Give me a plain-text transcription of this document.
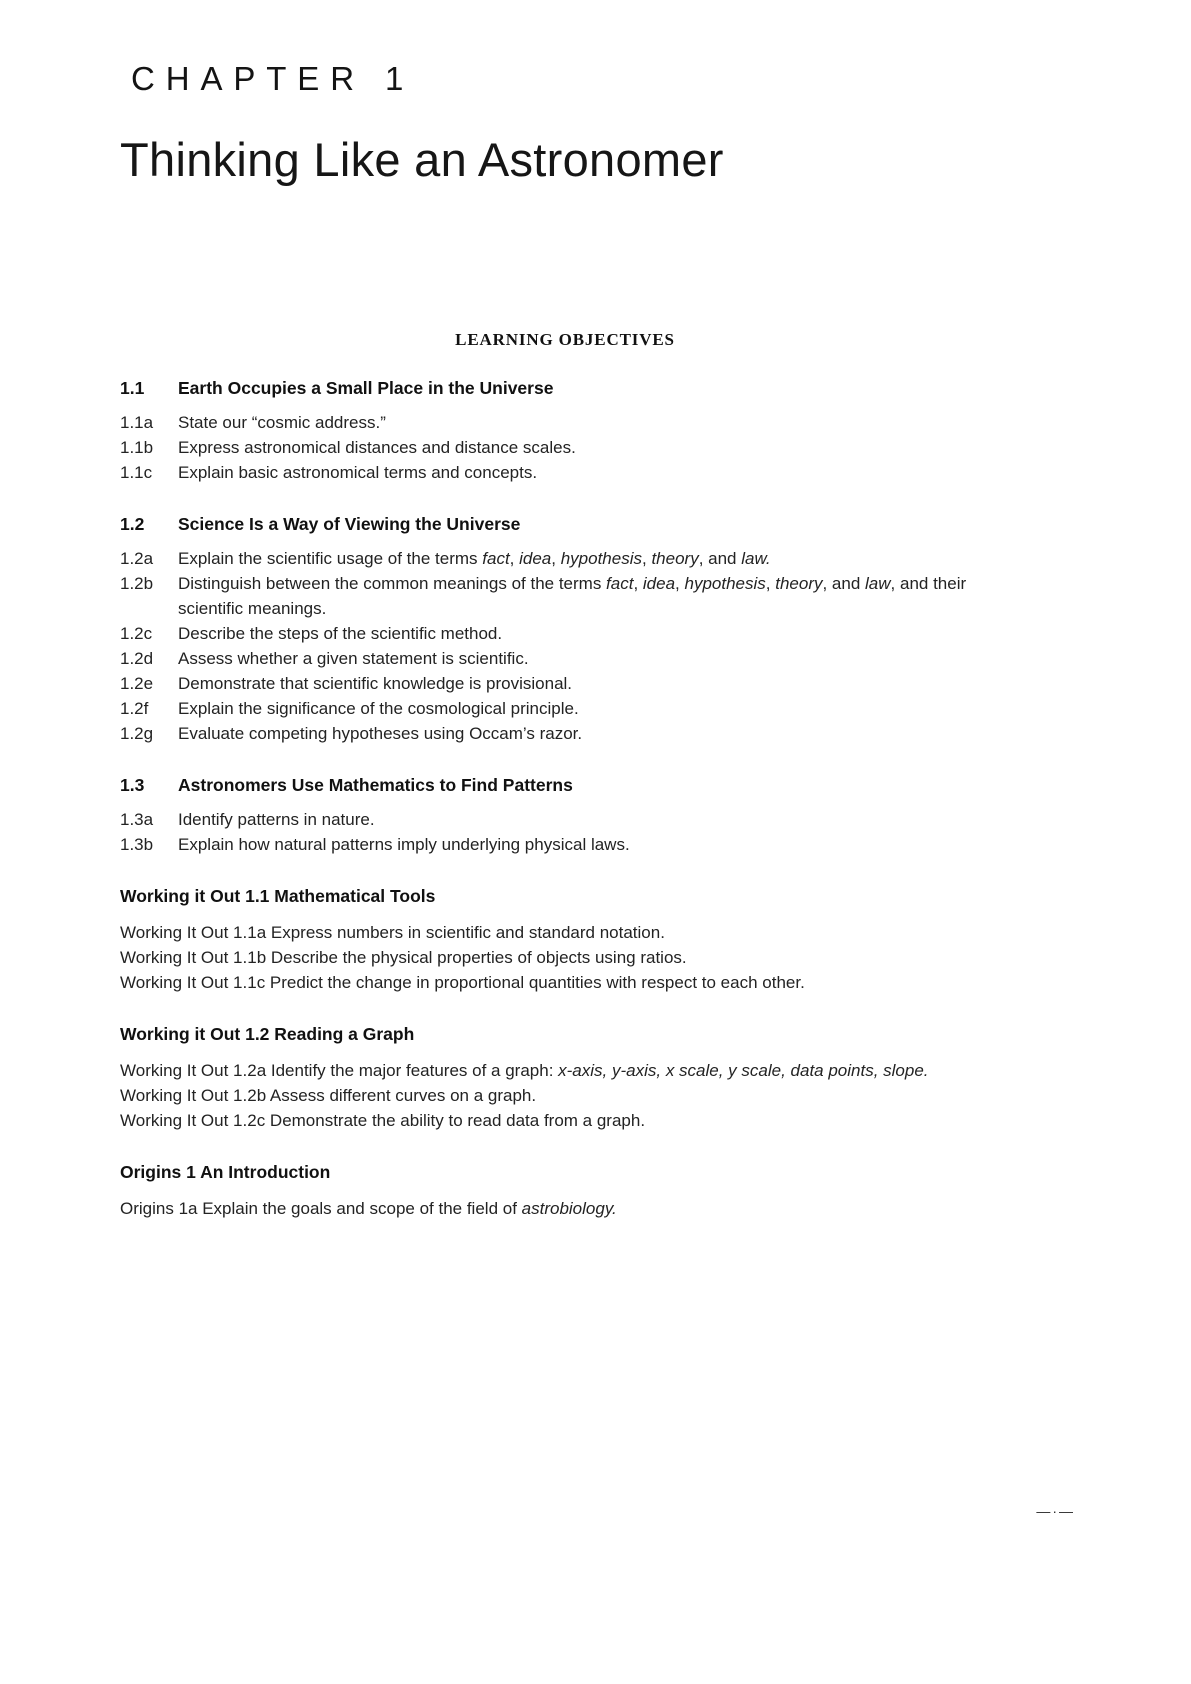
CHAPTER 1
Thinking Like an Astronomer
LEARNING OBJECTIVES
1.1	Earth Occupies a Small Place in the Universe
1.1a	State our “cosmic address.”
1.1b	Express astronomical distances and distance scales.
1.1c	Explain basic astronomical terms and concepts.
1.2	Science Is a Way of Viewing the Universe
1.2a	Explain the scientific usage of the terms fact, idea, hypothesis, theory, and law.
1.2b	Distinguish between the common meanings of the terms fact, idea, hypothesis, theory, and law, and their scientific meanings.
1.2c	Describe the steps of the scientific method.
1.2d	Assess whether a given statement is scientific.
1.2e	Demonstrate that scientific knowledge is provisional.
1.2f	Explain the significance of the cosmological principle.
1.2g	Evaluate competing hypotheses using Occam’s razor.
1.3	Astronomers Use Mathematics to Find Patterns
1.3a	Identify patterns in nature.
1.3b	Explain how natural patterns imply underlying physical laws.
Working it Out 1.1 Mathematical Tools

Working It Out 1.1a Express numbers in scientific and standard notation.

Working It Out 1.1b Describe the physical properties of objects using ratios.

Working It Out 1.1c Predict the change in proportional quantities with respect to each other.

Working it Out 1.2 Reading a Graph

Working It Out 1.2a Identify the major features of a graph: x-axis, y-axis, x scale, y scale, data points, slope.

Working It Out 1.2b Assess different curves on a graph.

Working It Out 1.2c Demonstrate the ability to read data from a graph.

Origins 1 An Introduction

Origins 1a Explain the goals and scope of the field of astrobiology.

—·—
